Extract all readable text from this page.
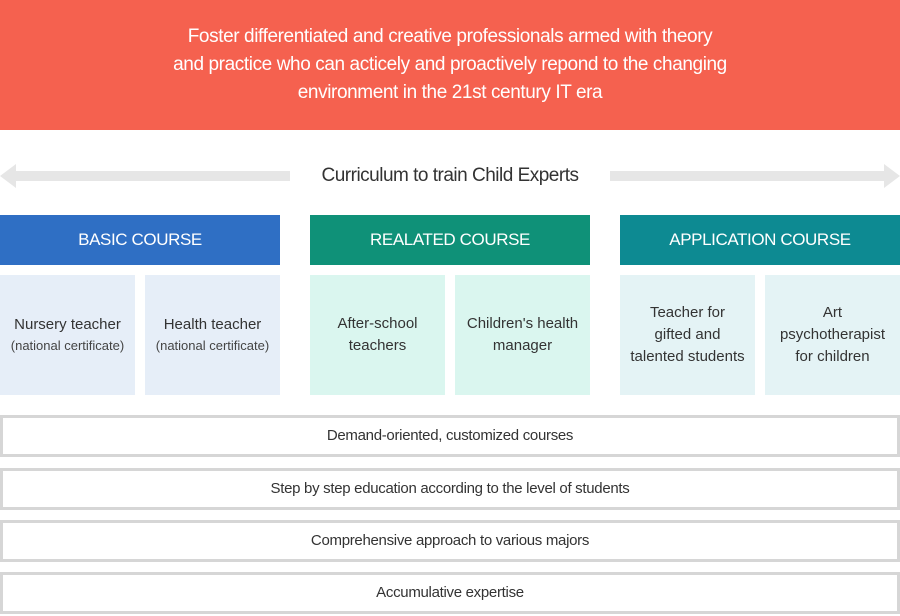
Foster differentiated and creative professionals armed with theory
and practice who can acticely and proactively repond to the changing
environment in the 21st century IT era
Curriculum to train Child Experts
BASIC COURSE
Nursery teacher
(national certificate)
Health teacher
(national certificate)
REALATED COURSE
After-school
teachers
Children's health
manager
APPLICATION COURSE
Teacher for
gifted and
talented students
Art
psychotherapist
for children
Demand-oriented, customized courses
Step by step education according to the level of students
Comprehensive approach to various majors
Accumulative expertise
